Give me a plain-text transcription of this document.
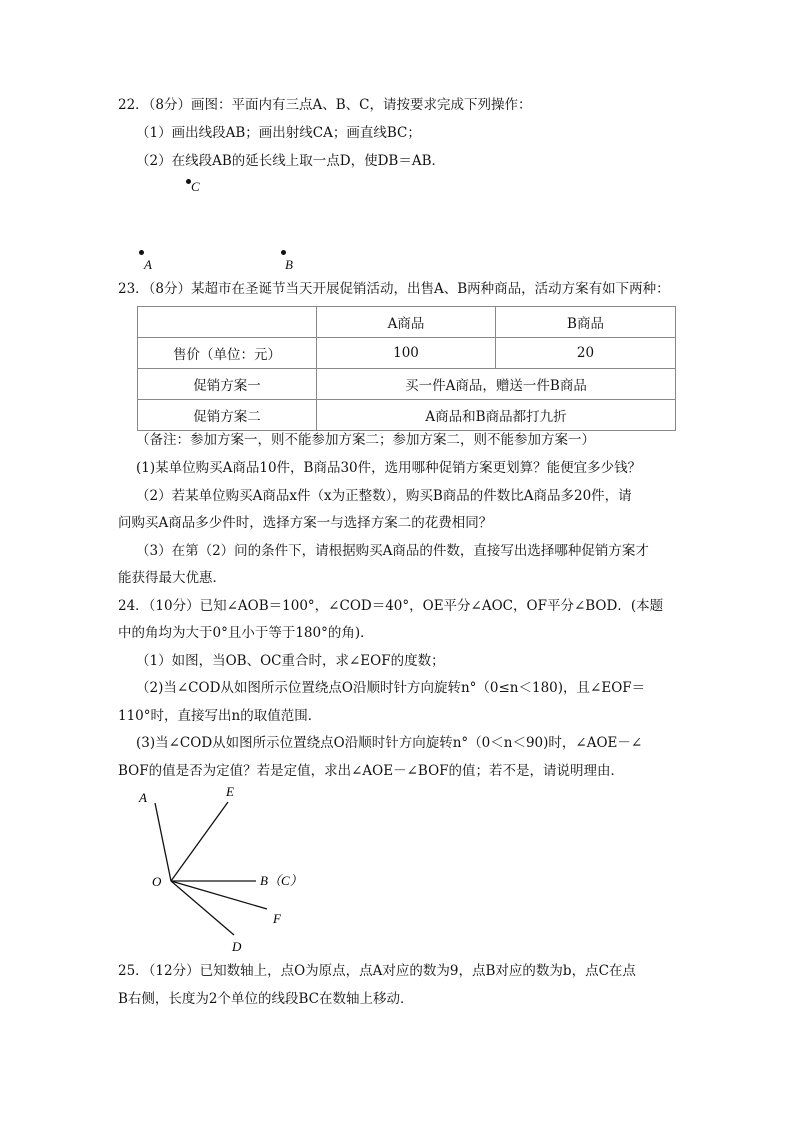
22．（8分）画图：平面内有三点A、B、C，请按要求完成下列操作：
（1）画出线段AB；画出射线CA；画直线BC；
（2）在线段AB的延长线上取一点D，使DB＝AB．
C
A	B
23．（8分）某超市在圣诞节当天开展促销活动，出售A、B两种商品，活动方案有如下两种：
	A商品	B商品
售价（单位：元）	100	20
促销方案一	买一件A商品，赠送一件B商品	
促销方案二	A商品和B商品都打九折	
（备注：参加方案一，则不能参加方案二；参加方案二，则不能参加方案一）
(1)某单位购买A商品10件，B商品30件，选用哪种促销方案更划算？能便宜多少钱？
（2）若某单位购买A商品x件（x为正整数），购买B商品的件数比A商品多20件，请
问购买A商品多少件时，选择方案一与选择方案二的花费相同？
（3）在第（2）问的条件下，请根据购买A商品的件数，直接写出选择哪种促销方案才
能获得最大优惠．
24．（10分）已知∠AOB＝100°，∠COD＝40°，OE平分∠AOC，OF平分∠BOD．(本题
中的角均为大于0°且小于等于180°的角)．
（1）如图，当OB、OC重合时，求∠EOF的度数；
（2)当∠COD从如图所示位置绕点O沿顺时针方向旋转n°（0≤n＜180)，且∠EOF＝
110°时，直接写出n的取值范围．
(3)当∠COD从如图所示位置绕点O沿顺时针方向旋转n°（0＜n＜90)时，∠AOE－∠
BOF的值是否为定值？若是定值，求出∠AOE－∠BOF的值；若不是，请说明理由．
A	E
O	B（C）
F
D
25．（12分）已知数轴上，点O为原点，点A对应的数为9，点B对应的数为b，点C在点
B右侧，长度为2个单位的线段BC在数轴上移动．
